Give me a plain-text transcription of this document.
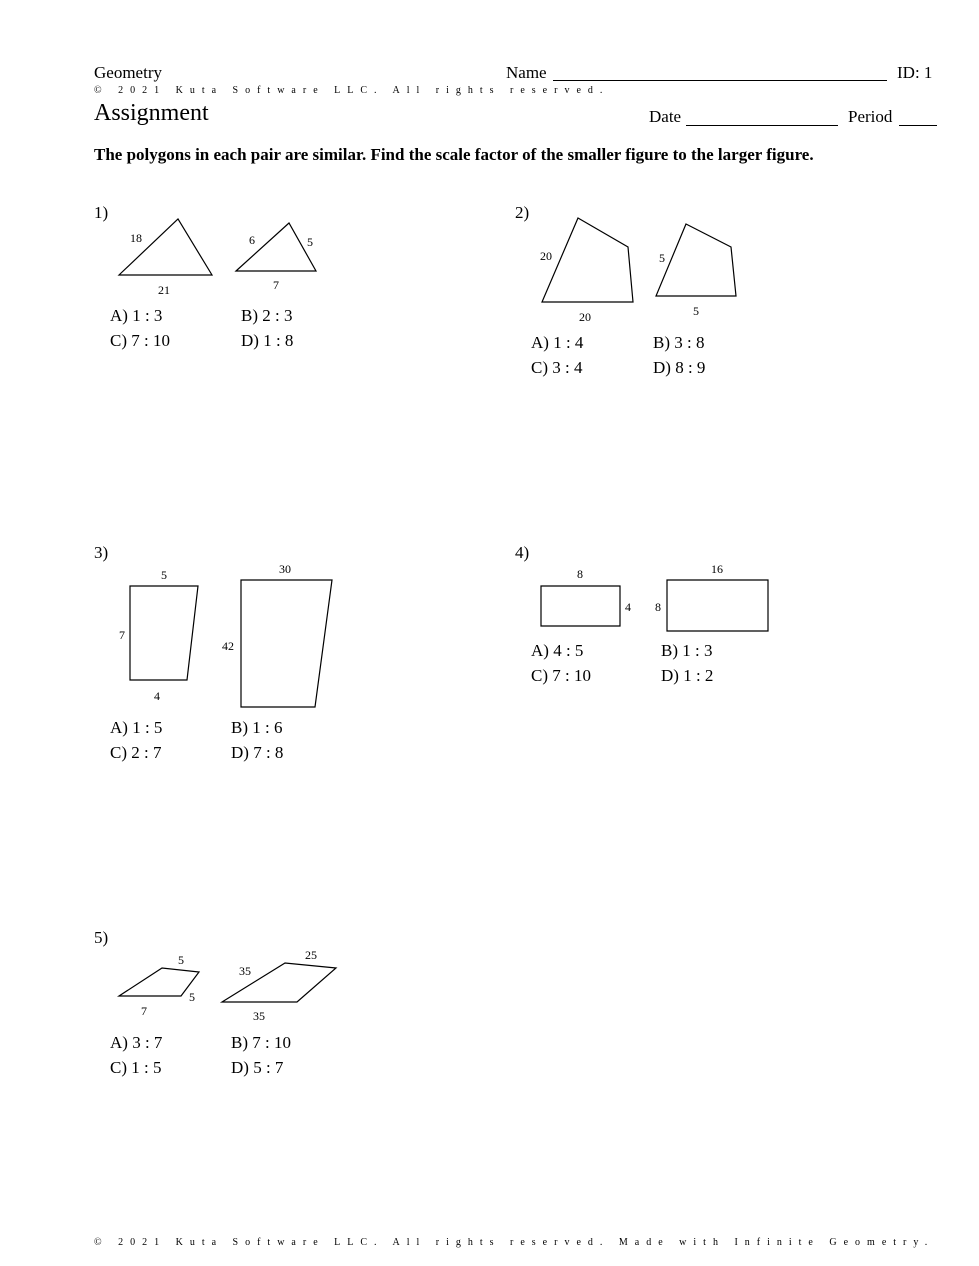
Geometry
© 2021 Kuta Software LLC. All rights reserved.
Assignment
Name	ID: 1
Date	Period
The polygons in each pair are similar. Find the scale factor of the smaller figure to the larger figure.
1)
18
21
6	5
7
A) 1 : 3	B) 2 : 3
C) 7 : 10	D) 1 : 8
2)
20
20
5
5
A) 1 : 4	B) 3 : 8
C) 3 : 4	D) 8 : 9
3)
5
7
4
30
42
A) 1 : 5	B) 1 : 6
C) 2 : 7	D) 7 : 8
4)
8
4
16
8
A) 4 : 5	B) 1 : 3
C) 7 : 10	D) 1 : 2
5)
5
5
7
25
35
35
A) 3 : 7	B) 7 : 10
C) 1 : 5	D) 5 : 7
© 2021 Kuta Software LLC. All rights reserved. Made with Infinite Geometry.
